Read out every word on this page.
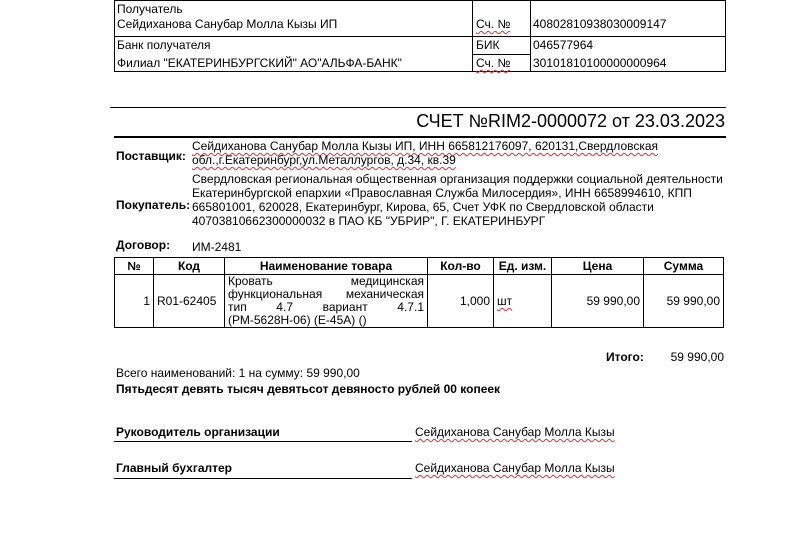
Получатель
Сейдиханова Санубар Молла Кызы ИП	Сч. № 40802810938030009147
Банк получателя	БИК	046577964
Филиал "ЕКАТЕРИНБУРГСКИЙ" АО"АЛЬФА-БАНК"	Сч. № 30101810100000000964
СЧЕТ №RIM2-0000072 от 23.03.2023
Поставщик:
Сейдиханова Санубар Молла Кызы ИП, ИНН 665812176097, 620131,Свердловская
обл.,г.Екатеринбург,ул.Металлургов, д.34, кв.39
Покупатель:
Свердловская региональная общественная организация поддержки социальной деятельности
Екатеринбургской епархии «Православная Служба Милосердия», ИНН 6658994610, КПП
665801001, 620028, Екатеринбург, Кирова, 65, Счет УФК по Свердловской области
40703810662300000032 в ПАО КБ "УБРИР", Г. ЕКАТЕРИНБУРГ
Договор: ИМ-2481
№	Код	Наименование товара	Кол-во	Ед. изм.	Цена	Сумма
1	R01-62405	Кровать медицинская функциональная механическая тип 4.7 вариант 4.7.1 (РМ-5628Н-06) (Е-45А) ()	1,000	шт	59 990,00	59 990,00
Итого:	59 990,00
Всего наименований: 1 на сумму: 59 990,00
Пятьдесят девять тысяч девятьсот девяносто рублей 00 копеек
Руководитель организации	Сейдиханова Санубар Молла Кызы
Главный бухгалтер	Сейдиханова Санубар Молла Кызы
